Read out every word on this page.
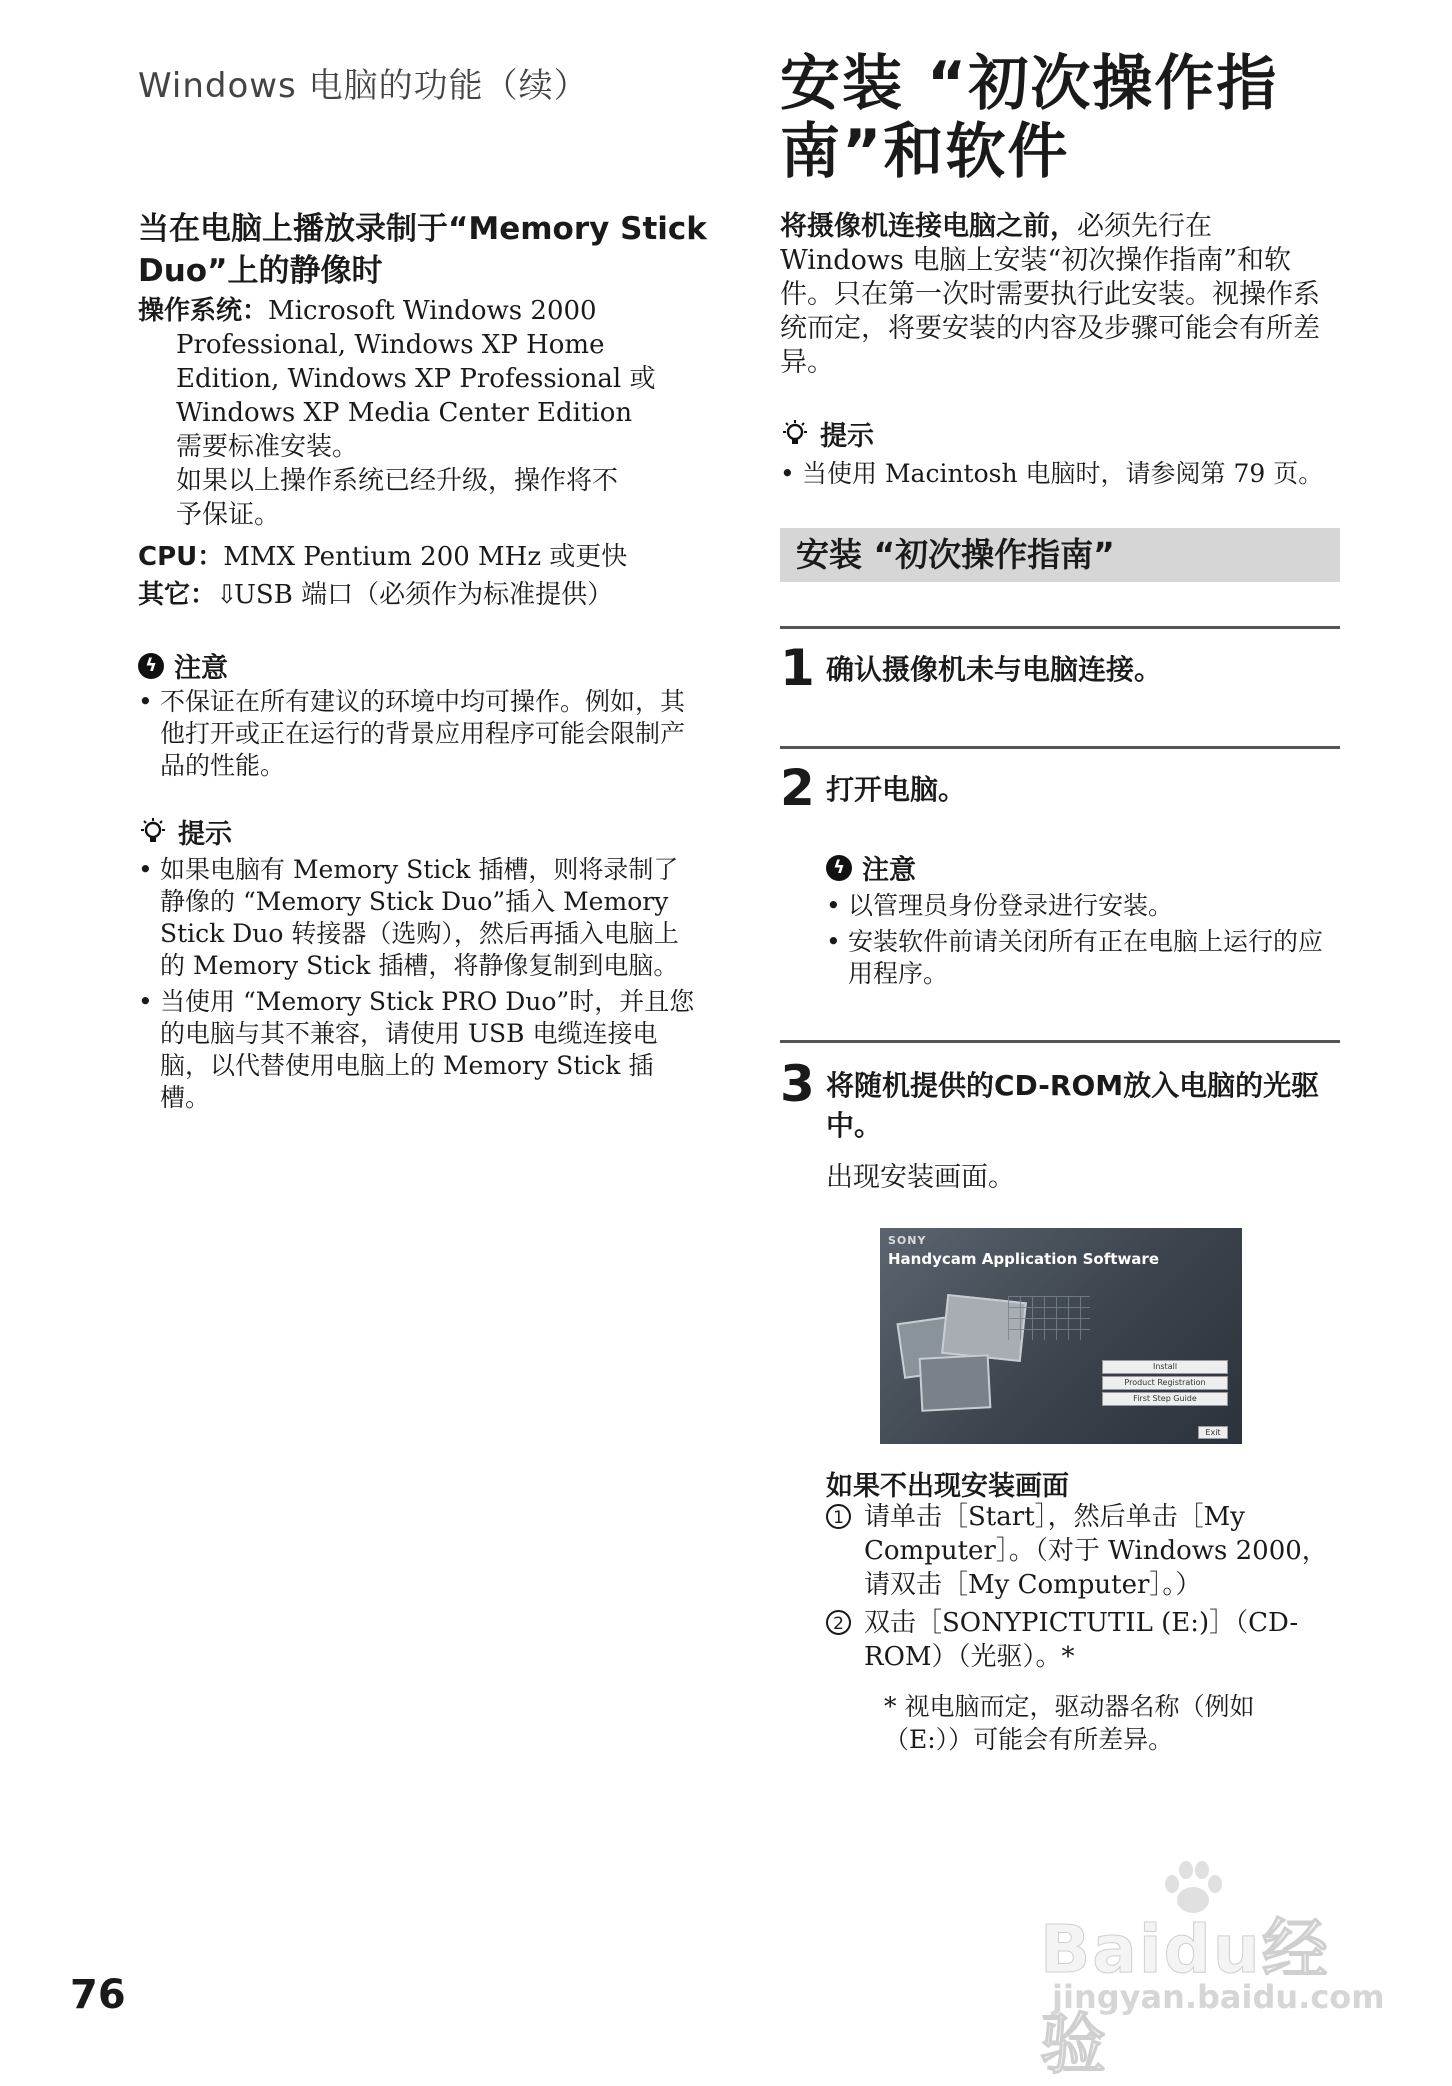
Windows 电脑的功能（续）
当在电脑上播放录制于“Memory Stick Duo”上的静像时
操作系统：Microsoft Windows 2000
Professional, Windows XP Home
Edition, Windows XP Professional 或
Windows XP Media Center Edition
需要标准安装。
如果以上操作系统已经升级，操作将不
予保证。
CPU：MMX Pentium 200 MHz 或更快
其它：⇩USB 端口（必须作为标准提供）
ϟ 注意
• 不保证在所有建议的环境中均可操作。例如，其他打开或正在运行的背景应用程序可能会限制产品的性能。
提示
• 如果电脑有 Memory Stick 插槽，则将录制了静像的 “Memory Stick Duo”插入 Memory Stick Duo 转接器（选购），然后再插入电脑上的 Memory Stick 插槽，将静像复制到电脑。
• 当使用 “Memory Stick PRO Duo”时，并且您的电脑与其不兼容，请使用 USB 电缆连接电脑，以代替使用电脑上的 Memory Stick 插槽。
安装 “初次操作指
南”和软件
将摄像机连接电脑之前，必须先行在 Windows 电脑上安装“初次操作指南”和软件。只在第一次时需要执行此安装。视操作系统而定，将要安装的内容及步骤可能会有所差异。
提示
• 当使用 Macintosh 电脑时，请参阅第 79 页。
安装 “初次操作指南”
1 确认摄像机未与电脑连接。
2 打开电脑。
ϟ 注意
• 以管理员身份登录进行安装。
• 安装软件前请关闭所有正在电脑上运行的应用程序。
3 将随机提供的CD-ROM放入电脑的光驱中。
出现安装画面。
SONY
Handycam Application Software
Install
Product Registration
First Step Guide
Exit
如果不出现安装画面
1 请单击［Start］，然后单击［My Computer］。（对于 Windows 2000，请双击［My Computer］。）
2 双击［SONYPICTUTIL (E:)］（CD-ROM）（光驱）。*
* 视电脑而定，驱动器名称（例如（E:））可能会有所差异。
76
Baidu经验
jingyan.baidu.com
